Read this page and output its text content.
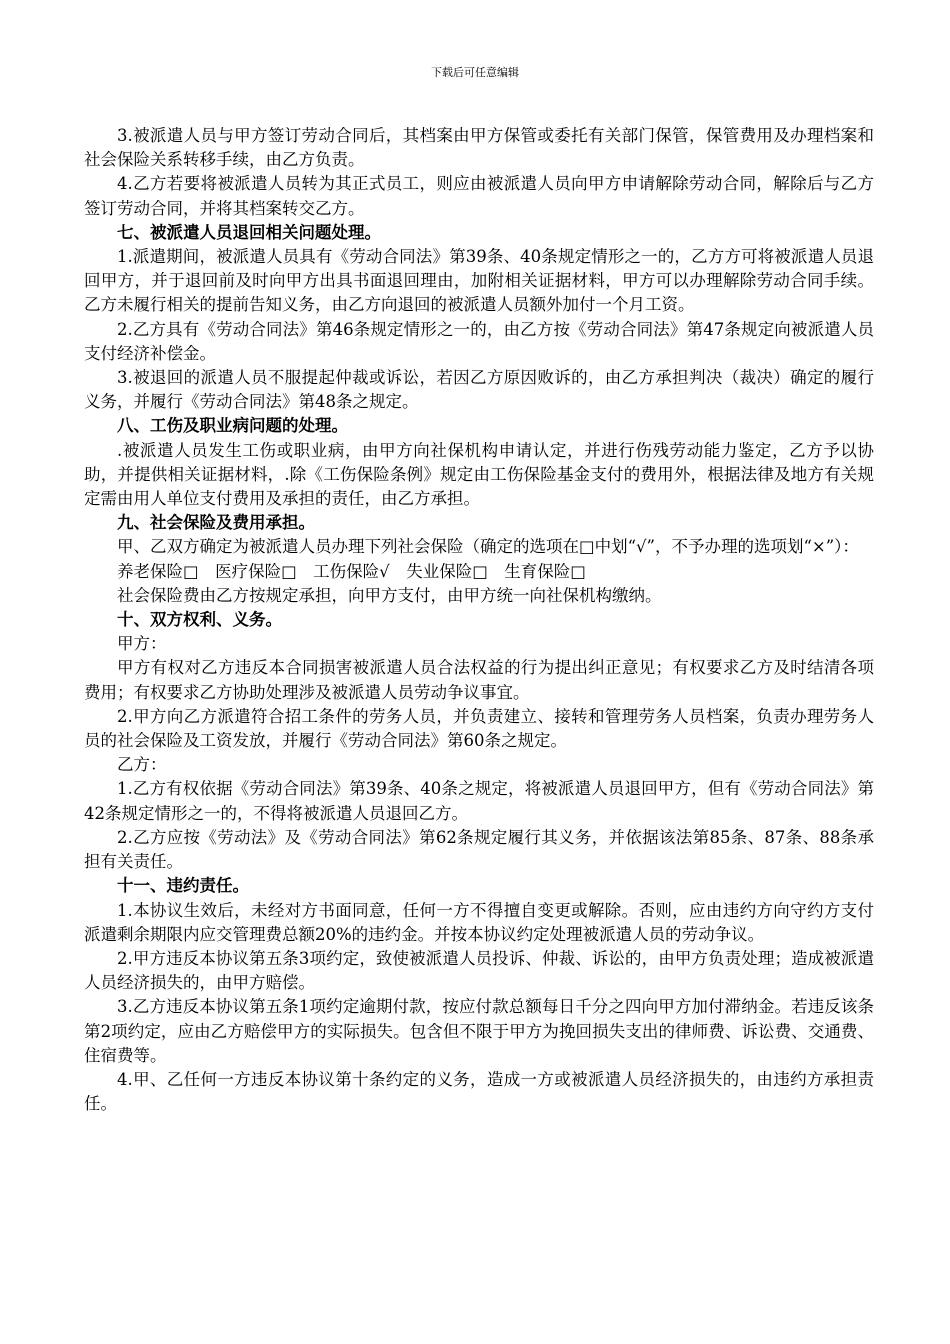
下载后可任意编辑

3.被派遣人员与甲方签订劳动合同后，其档案由甲方保管或委托有关部门保管，保管费用及办理档案和社会保险关系转移手续，由乙方负责。

4.乙方若要将被派遣人员转为其正式员工，则应由被派遣人员向甲方申请解除劳动合同，解除后与乙方签订劳动合同，并将其档案转交乙方。

七、被派遣人员退回相关问题处理。

1.派遣期间，被派遣人员具有《劳动合同法》第39条、40条规定情形之一的，乙方方可将被派遣人员退回甲方，并于退回前及时向甲方出具书面退回理由，加附相关证据材料，甲方可以办理解除劳动合同手续。乙方未履行相关的提前告知义务，由乙方向退回的被派遣人员额外加付一个月工资。

2.乙方具有《劳动合同法》第46条规定情形之一的，由乙方按《劳动合同法》第47条规定向被派遣人员支付经济补偿金。

3.被退回的派遣人员不服提起仲裁或诉讼，若因乙方原因败诉的，由乙方承担判决（裁决）确定的履行义务，并履行《劳动合同法》第48条之规定。

八、工伤及职业病问题的处理。

.被派遣人员发生工伤或职业病，由甲方向社保机构申请认定，并进行伤残劳动能力鉴定，乙方予以协助，并提供相关证据材料，.除《工伤保险条例》规定由工伤保险基金支付的费用外，根据法律及地方有关规定需由用人单位支付费用及承担的责任，由乙方承担。

九、社会保险及费用承担。

甲、乙双方确定为被派遣人员办理下列社会保险（确定的选项在□中划“√”，不予办理的选项划“×”）：

养老保险□　医疗保险□　工伤保险√　失业保险□　生育保险□

社会保险费由乙方按规定承担，向甲方支付，由甲方统一向社保机构缴纳。

十、双方权利、义务。

甲方：

甲方有权对乙方违反本合同损害被派遣人员合法权益的行为提出纠正意见；有权要求乙方及时结清各项费用；有权要求乙方协助处理涉及被派遣人员劳动争议事宜。

2.甲方向乙方派遣符合招工条件的劳务人员，并负责建立、接转和管理劳务人员档案，负责办理劳务人员的社会保险及工资发放，并履行《劳动合同法》第60条之规定。

乙方：

1.乙方有权依据《劳动合同法》第39条、40条之规定，将被派遣人员退回甲方，但有《劳动合同法》第42条规定情形之一的，不得将被派遣人员退回乙方。

2.乙方应按《劳动法》及《劳动合同法》第62条规定履行其义务，并依据该法第85条、87条、88条承担有关责任。

十一、违约责任。

1.本协议生效后，未经对方书面同意，任何一方不得擅自变更或解除。否则，应由违约方向守约方支付派遣剩余期限内应交管理费总额20%的违约金。并按本协议约定处理被派遣人员的劳动争议。

2.甲方违反本协议第五条3项约定，致使被派遣人员投诉、仲裁、诉讼的，由甲方负责处理；造成被派遣人员经济损失的，由甲方赔偿。

3.乙方违反本协议第五条1项约定逾期付款，按应付款总额每日千分之四向甲方加付滞纳金。若违反该条第2项约定，应由乙方赔偿甲方的实际损失。包含但不限于甲方为挽回损失支出的律师费、诉讼费、交通费、住宿费等。

4.甲、乙任何一方违反本协议第十条约定的义务，造成一方或被派遣人员经济损失的，由违约方承担责任。
